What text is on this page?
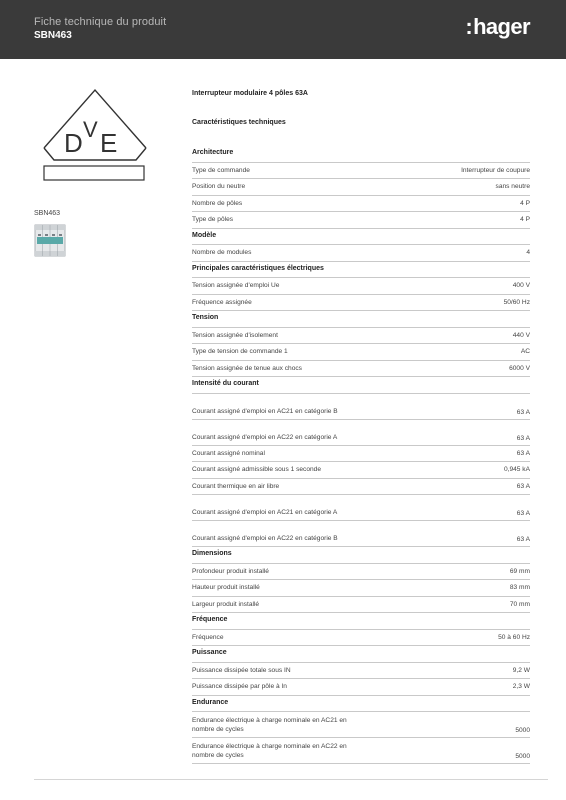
Fiche technique du produit
SBN463	:hager
D V E
SBN463
Interrupteur modulaire 4 pôles 63A
Caractéristiques techniques
Architecture
Type de commande	Interrupteur de coupure
Position du neutre	sans neutre
Nombre de pôles	4 P
Type de pôles	4 P
Modèle
Nombre de modules	4
Principales caractéristiques électriques
Tension assignée d'emploi Ue	400 V
Fréquence assignée	50/60 Hz
Tension
Tension assignée d'isolement	440 V
Type de tension de commande 1	AC
Tension assignée de tenue aux chocs	6000 V
Intensité du courant
Courant assigné d'emploi en AC21 en catégorie B	63 A
Courant assigné d'emploi en AC22 en catégorie A	63 A
Courant assigné nominal	63 A
Courant assigné admissible sous 1 seconde	0,945 kA
Courant thermique en air libre	63 A
Courant assigné d'emploi en AC21 en catégorie A	63 A
Courant assigné d'emploi en AC22 en catégorie B	63 A
Dimensions
Profondeur produit installé	69 mm
Hauteur produit installé	83 mm
Largeur produit installé	70 mm
Fréquence
Fréquence	50 à 60 Hz
Puissance
Puissance dissipée totale sous IN	9,2 W
Puissance dissipée par pôle à In	2,3 W
Endurance
Endurance électrique à charge nominale en AC21 en nombre de cycles	5000
Endurance électrique à charge nominale en AC22 en nombre de cycles	5000
